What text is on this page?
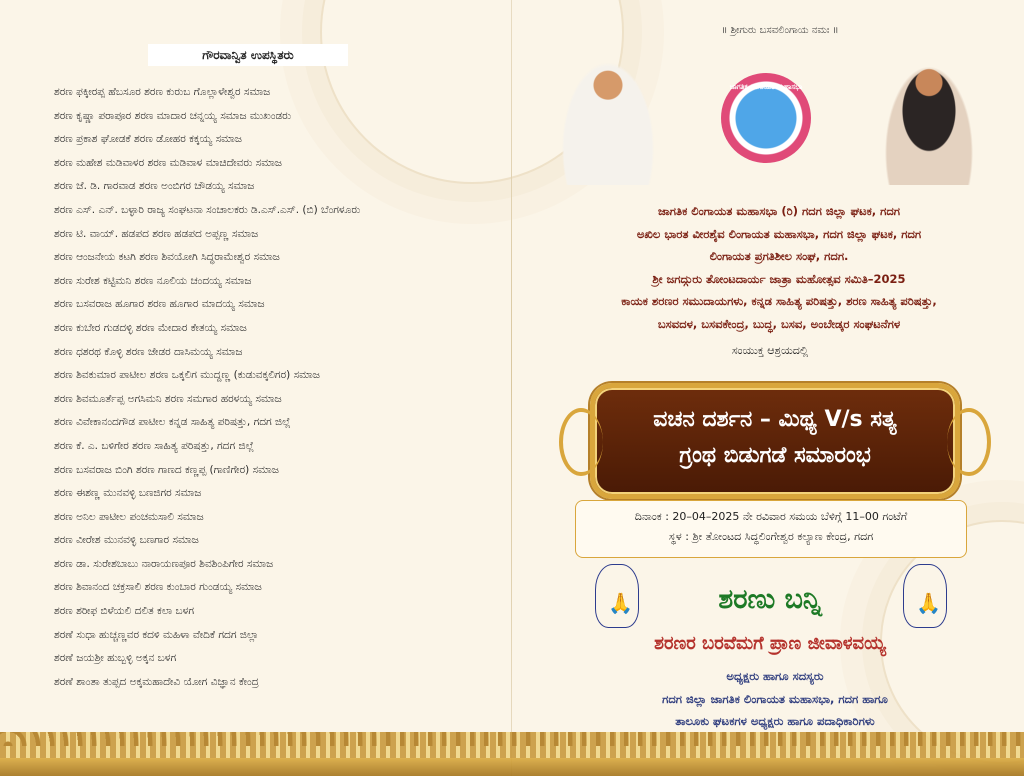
ಗೌರವಾನ್ವಿತ ಉಪಸ್ಥಿತರು
ಶರಣ ಫಕ್ಕೀರಪ್ಪ ಹೆಬಸೂರ ಶರಣ ಕುರುಬ ಗೊಲ್ಲಾಳೇಶ್ವರ ಸಮಾಜ
ಶರಣ ಕೃಷ್ಣಾ ಪರಾಪೂರ ಶರಣ ಮಾದಾರ ಚನ್ನಯ್ಯ ಸಮಾಜ ಮುಖಂಡರು
ಶರಣ ಪ್ರಕಾಶ ಘೋಡಕೆ ಶರಣ ಡೋಹರ ಕಕ್ಕಯ್ಯ ಸಮಾಜ
ಶರಣ ಮಹೇಶ ಮಡಿವಾಳರ ಶರಣ ಮಡಿವಾಳ ಮಾಚಿದೇವರು ಸಮಾಜ
ಶರಣ ಜೆ. ಡಿ. ಗಾರವಾಡ ಶರಣ ಅಂಬಿಗರ ಚೌಡಯ್ಯ ಸಮಾಜ
ಶರಣ ಎಸ್. ಎನ್. ಬಳ್ಳಾರಿ ರಾಜ್ಯ ಸಂಘಟನಾ ಸಂಚಾಲಕರು ಡಿ.ಎಸ್.ಎಸ್. (ಬಿ) ಬೆಂಗಳೂರು
ಶರಣ ಟಿ. ವಾಯ್. ಹಡಪದ ಶರಣ ಹಡಪದ ಅಪ್ಪಣ್ಣ ಸಮಾಜ
ಶರಣ ಆಂಜನೇಯ ಕಟಗಿ ಶರಣ ಶಿವಯೋಗಿ ಸಿದ್ಧರಾಮೇಶ್ವರ ಸಮಾಜ
ಶರಣ ಸುರೇಶ ಕಟ್ಟಿಮನಿ ಶರಣ ನೂಲಿಯ ಚಂದಯ್ಯ ಸಮಾಜ
ಶರಣ ಬಸವರಾಜ ಹೂಗಾರ ಶರಣ ಹೂಗಾರ ಮಾದಯ್ಯ ಸಮಾಜ
ಶರಣ ಕುಬೇರ ಗುಡದಳ್ಳಿ ಶರಣ ಮೇದಾರ ಕೇತಯ್ಯ ಸಮಾಜ
ಶರಣ ಧಶರಥ ಕೊಳ್ಳಿ ಶರಣ ಜೇಡರ ದಾಸಿಮಯ್ಯ ಸಮಾಜ
ಶರಣ ಶಿವಕುಮಾರ ಪಾಟೀಲ ಶರಣ ಒಕ್ಕಲಿಗ ಮುದ್ದಣ್ಣ (ಕುಡುವಕ್ಕಲಿಗರ) ಸಮಾಜ
ಶರಣ ಶಿವಮೂರ್ತೆಪ್ಪ ಅಗಸಿಮನಿ ಶರಣ ಸಮಗಾರ ಹರಳಯ್ಯ ಸಮಾಜ
ಶರಣ ವಿವೇಕಾನಂದಗೌಡ ಪಾಟೀಲ ಕನ್ನಡ ಸಾಹಿತ್ಯ ಪರಿಷತ್ತು, ಗದಗ ಜಿಲ್ಲೆ
ಶರಣ ಕೆ. ಎ. ಬಳಿಗೇರ ಶರಣ ಸಾಹಿತ್ಯ ಪರಿಷತ್ತು, ಗದಗ ಜಿಲ್ಲೆ
ಶರಣ ಬಸವರಾಜ ಬಿಂಗಿ ಶರಣ ಗಾಣದ ಕಣ್ಣಪ್ಪ (ಗಾಣಿಗೇರ) ಸಮಾಜ
ಶರಣ ಈಶಣ್ಣ ಮುನವಳ್ಳಿ ಬಣಜಿಗರ ಸಮಾಜ
ಶರಣ ಅನಿಲ ಪಾಟೀಲ ಪಂಚಮಸಾಲಿ ಸಮಾಜ
ಶರಣ ವೀರೇಶ ಮುನವಳ್ಳಿ ಬಣಗಾರ ಸಮಾಜ
ಶರಣ ಡಾ. ಸುರೇಶಬಾಬು ನಾರಾಯಣಪೂರ ಶಿವಶಿಂಪಿಗೇರ ಸಮಾಜ
ಶರಣ ಶಿವಾನಂದ ಚಕ್ರಸಾಲಿ ಶರಣ ಕುಂಬಾರ ಗುಂಡಯ್ಯ ಸಮಾಜ
ಶರಣ ಶರೀಫ ಬಿಳೆಯಲಿ ದಲಿತ ಕಲಾ ಬಳಗ
ಶರಣೆ ಸುಧಾ ಹುಚ್ಚಣ್ಣವರ ಕದಳಿ ಮಹಿಳಾ ವೇದಿಕೆ ಗದಗ ಜಿಲ್ಲಾ
ಶರಣೆ ಜಯಶ್ರೀ ಹುಬ್ಬಳ್ಳಿ ಅಕ್ಕನ ಬಳಗ
ಶರಣೆ ಶಾಂತಾ ತುಪ್ಪದ ಅಕ್ಕಮಹಾದೇವಿ ಯೋಗ ವಿಜ್ಞಾನ ಕೇಂದ್ರ
॥ ಶ್ರೀಗುರು ಬಸವಲಿಂಗಾಯ ನಮಃ ॥
ಜಾಗತಿಕ ಲಿಂಗಾಯತ ಮಹಾಸಭಾ
ಜಾಗತಿಕ ಲಿಂಗಾಯತ ಮಹಾಸಭಾ (ರಿ) ಗದಗ ಜಿಲ್ಲಾ ಘಟಕ, ಗದಗ
ಅಖಿಲ ಭಾರತ ವೀರಶೈವ ಲಿಂಗಾಯತ ಮಹಾಸಭಾ, ಗದಗ ಜಿಲ್ಲಾ ಘಟಕ, ಗದಗ
ಲಿಂಗಾಯತ ಪ್ರಗತಿಶೀಲ ಸಂಘ, ಗದಗ.
ಶ್ರೀ ಜಗದ್ಗುರು ತೋಂಟದಾರ್ಯ ಜಾತ್ರಾ ಮಹೋತ್ಸವ ಸಮಿತಿ–2025
ಕಾಯಕ ಶರಣರ ಸಮುದಾಯಗಳು, ಕನ್ನಡ ಸಾಹಿತ್ಯ ಪರಿಷತ್ತು, ಶರಣ ಸಾಹಿತ್ಯ ಪರಿಷತ್ತು,
ಬಸವದಳ, ಬಸವಕೇಂದ್ರ, ಬುದ್ಧ, ಬಸವ, ಅಂಬೇಡ್ಕರ ಸಂಘಟನೆಗಳ
ಸಂಯುಕ್ತ ಆಶ್ರಯದಲ್ಲಿ
ವಚನ ದರ್ಶನ – ಮಿಥ್ಯ V/s ಸತ್ಯ
ಗ್ರಂಥ ಬಿಡುಗಡೆ ಸಮಾರಂಭ
ದಿನಾಂಕ : 20–04–2025 ನೇ ರವಿವಾರ ಸಮಯ ಬೆಳಿಗ್ಗೆ 11–00 ಗಂಟೆಗೆ
ಸ್ಥಳ : ಶ್ರೀ ತೋಂಟದ ಸಿದ್ಧಲಿಂಗೇಶ್ವರ ಕಲ್ಯಾಣ ಕೇಂದ್ರ, ಗದಗ
🙏	ಶರಣು ಬನ್ನಿ	🙏
ಶರಣರ ಬರವೆಮಗೆ ಪ್ರಾಣ ಜೀವಾಳವಯ್ಯ
ಅಧ್ಯಕ್ಷರು ಹಾಗೂ ಸದಸ್ಯರು
ಗದಗ ಜಿಲ್ಲಾ ಜಾಗತಿಕ ಲಿಂಗಾಯತ ಮಹಾಸಭಾ, ಗದಗ ಹಾಗೂ
ತಾಲೂಕು ಘಟಕಗಳ ಅಧ್ಯಕ್ಷರು ಹಾಗೂ ಪದಾಧಿಕಾರಿಗಳು
